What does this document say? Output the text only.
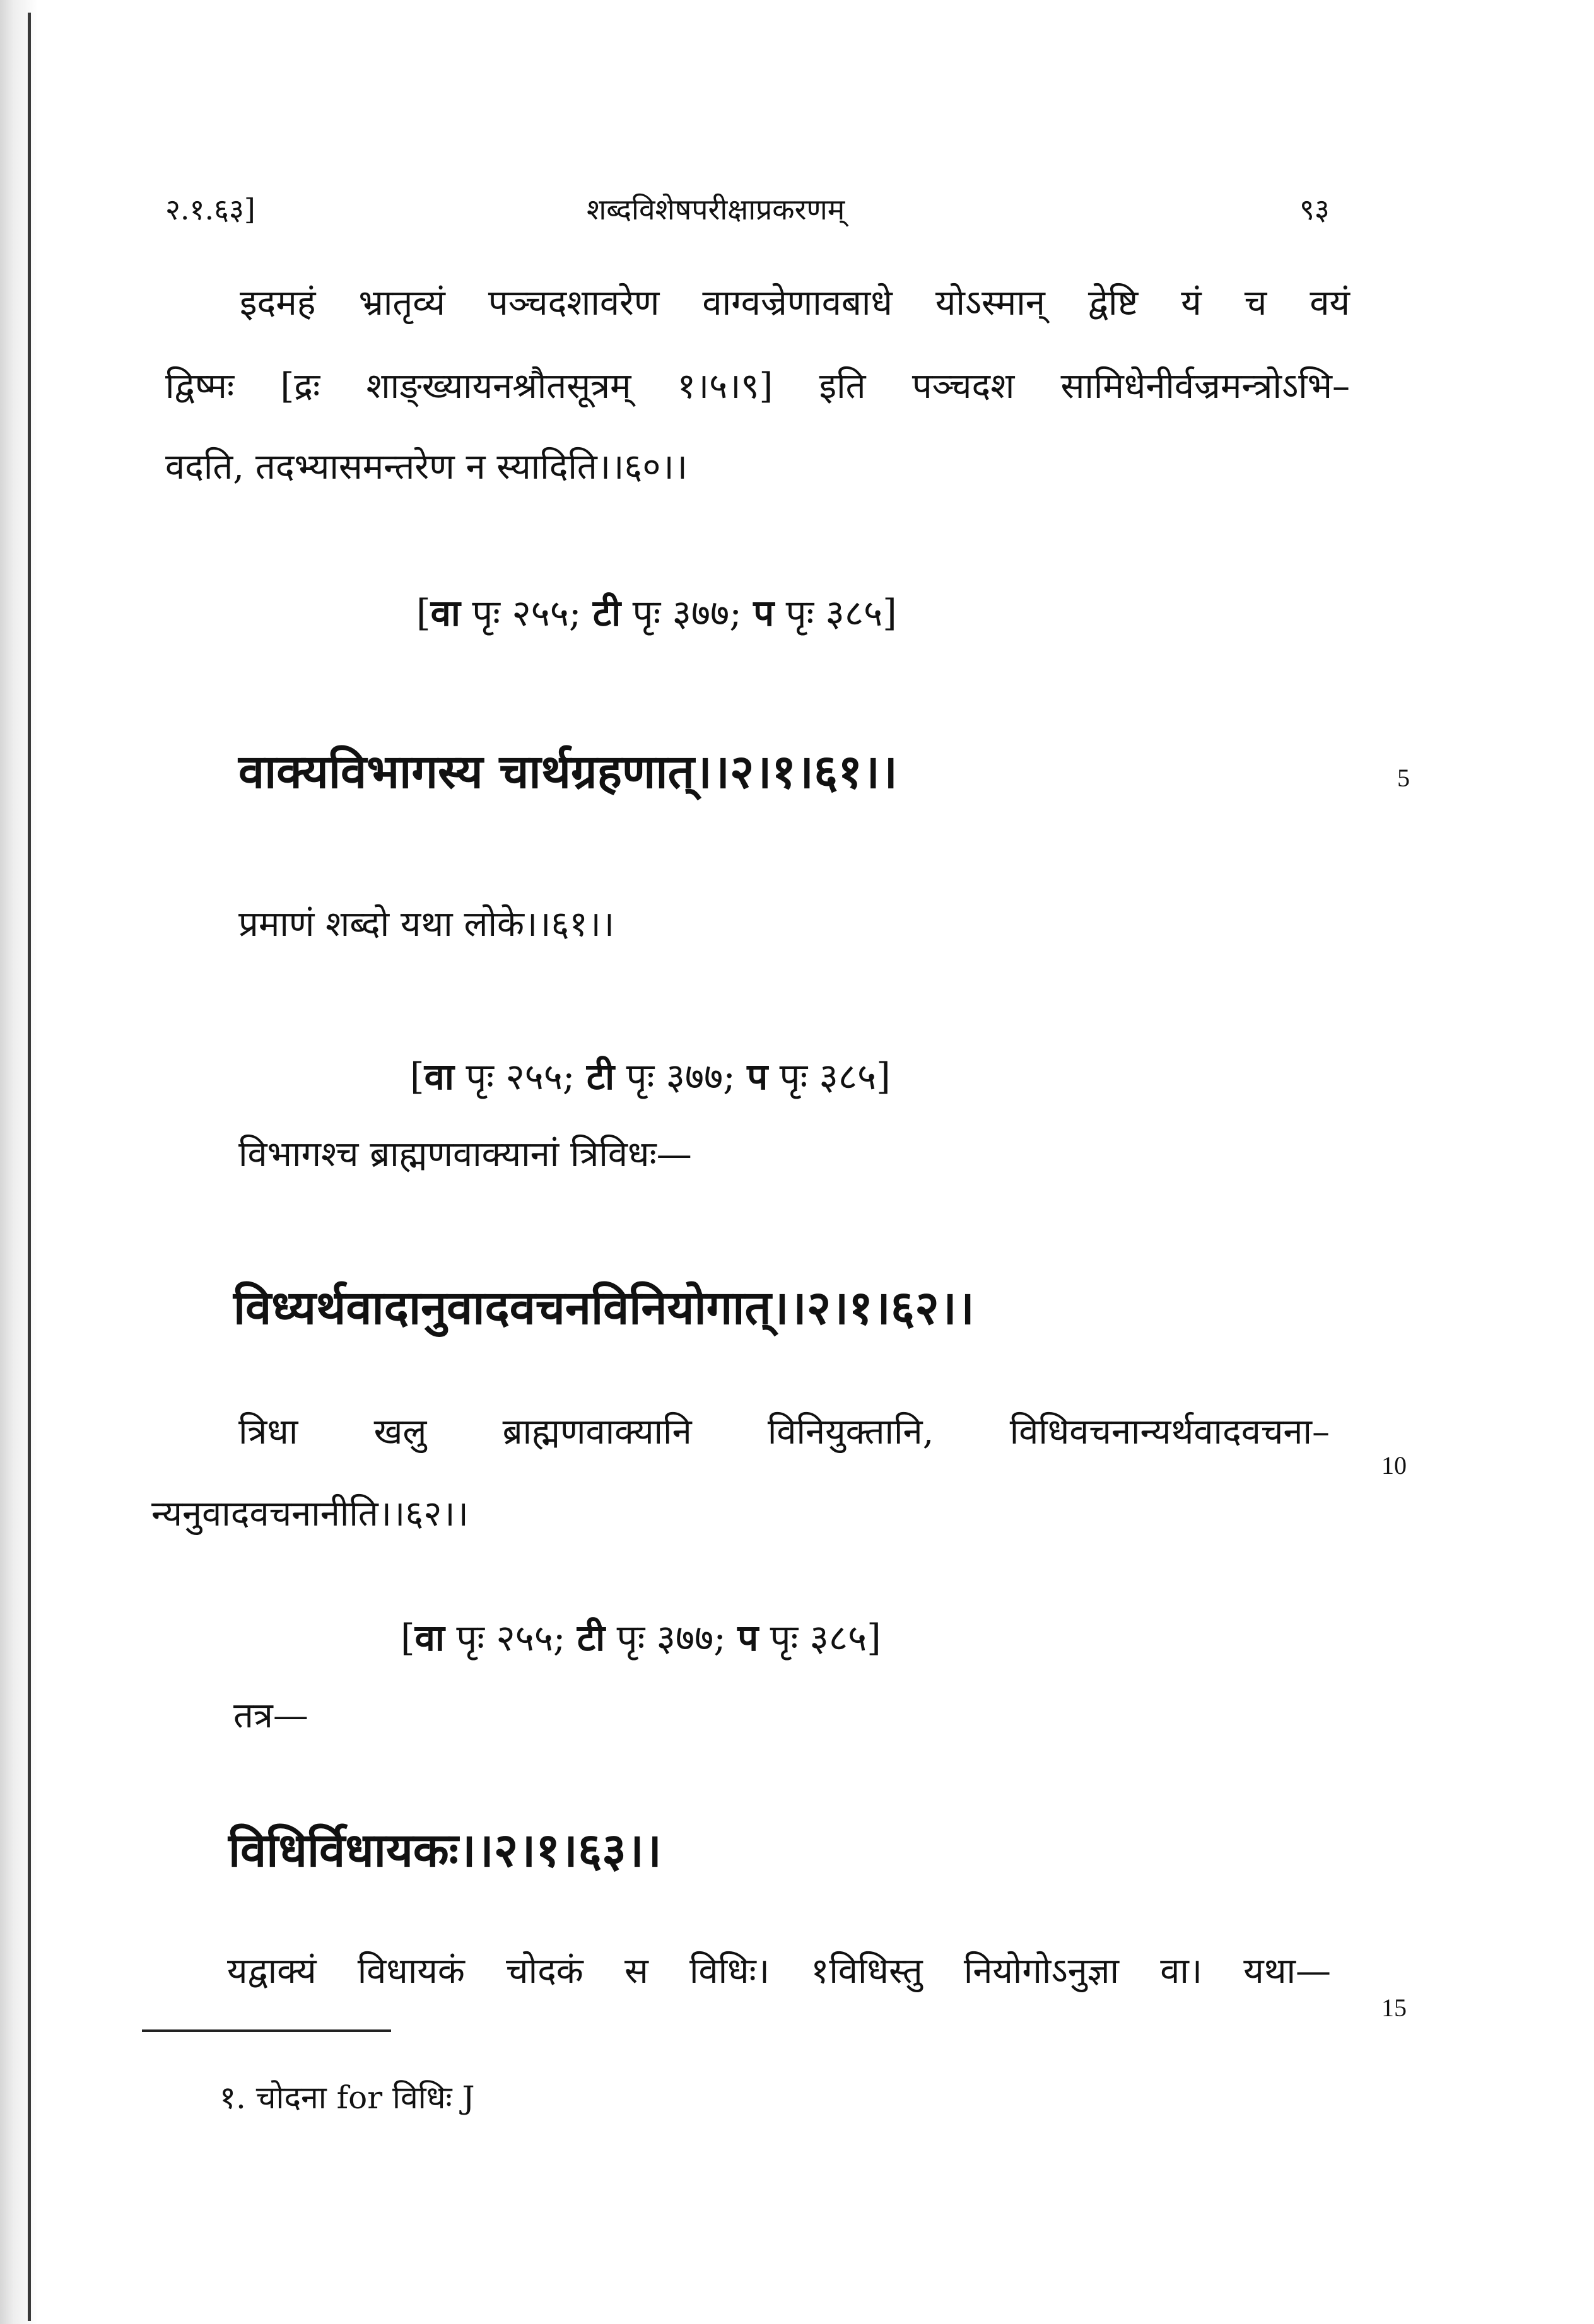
२.१.६३]	शब्दविशेषपरीक्षाप्रकरणम्	९३
इदमहं भ्रातृव्यं पञ्चदशावरेण वाग्वज्रेणावबाधे योऽस्मान् द्वेष्टि यं च वयं
द्विष्मः [द्रः शाङ्ख्यायनश्रौतसूत्रम् १।५।९] इति पञ्चदश सामिधेनीर्वज्रमन्त्रोऽभि–
वदति, तदभ्यासमन्तरेण न स्यादिति।।६०।।
[वा पृः २५५; टी पृः ३७७; प पृः ३८५]
वाक्यविभागस्य चार्थग्रहणात्।।२।१।६१।।	5
प्रमाणं शब्दो यथा लोके।।६१।।
[वा पृः २५५; टी पृः ३७७; प पृः ३८५]
विभागश्च ब्राह्मणवाक्यानां त्रिविधः—
विध्यर्थवादानुवादवचनविनियोगात्।।२।१।६२।।
त्रिधा खलु ब्राह्मणवाक्यानि विनियुक्तानि, विधिवचनान्यर्थवादवचना–
10
न्यनुवादवचनानीति।।६२।।
[वा पृः २५५; टी पृः ३७७; प पृः ३८५]
तत्र—
विधिर्विधायकः।।२।१।६३।।
यद्वाक्यं विधायकं चोदकं स विधिः। १विधिस्तु नियोगोऽनुज्ञा वा। यथा—
15
१. चोदना for विधिः J
